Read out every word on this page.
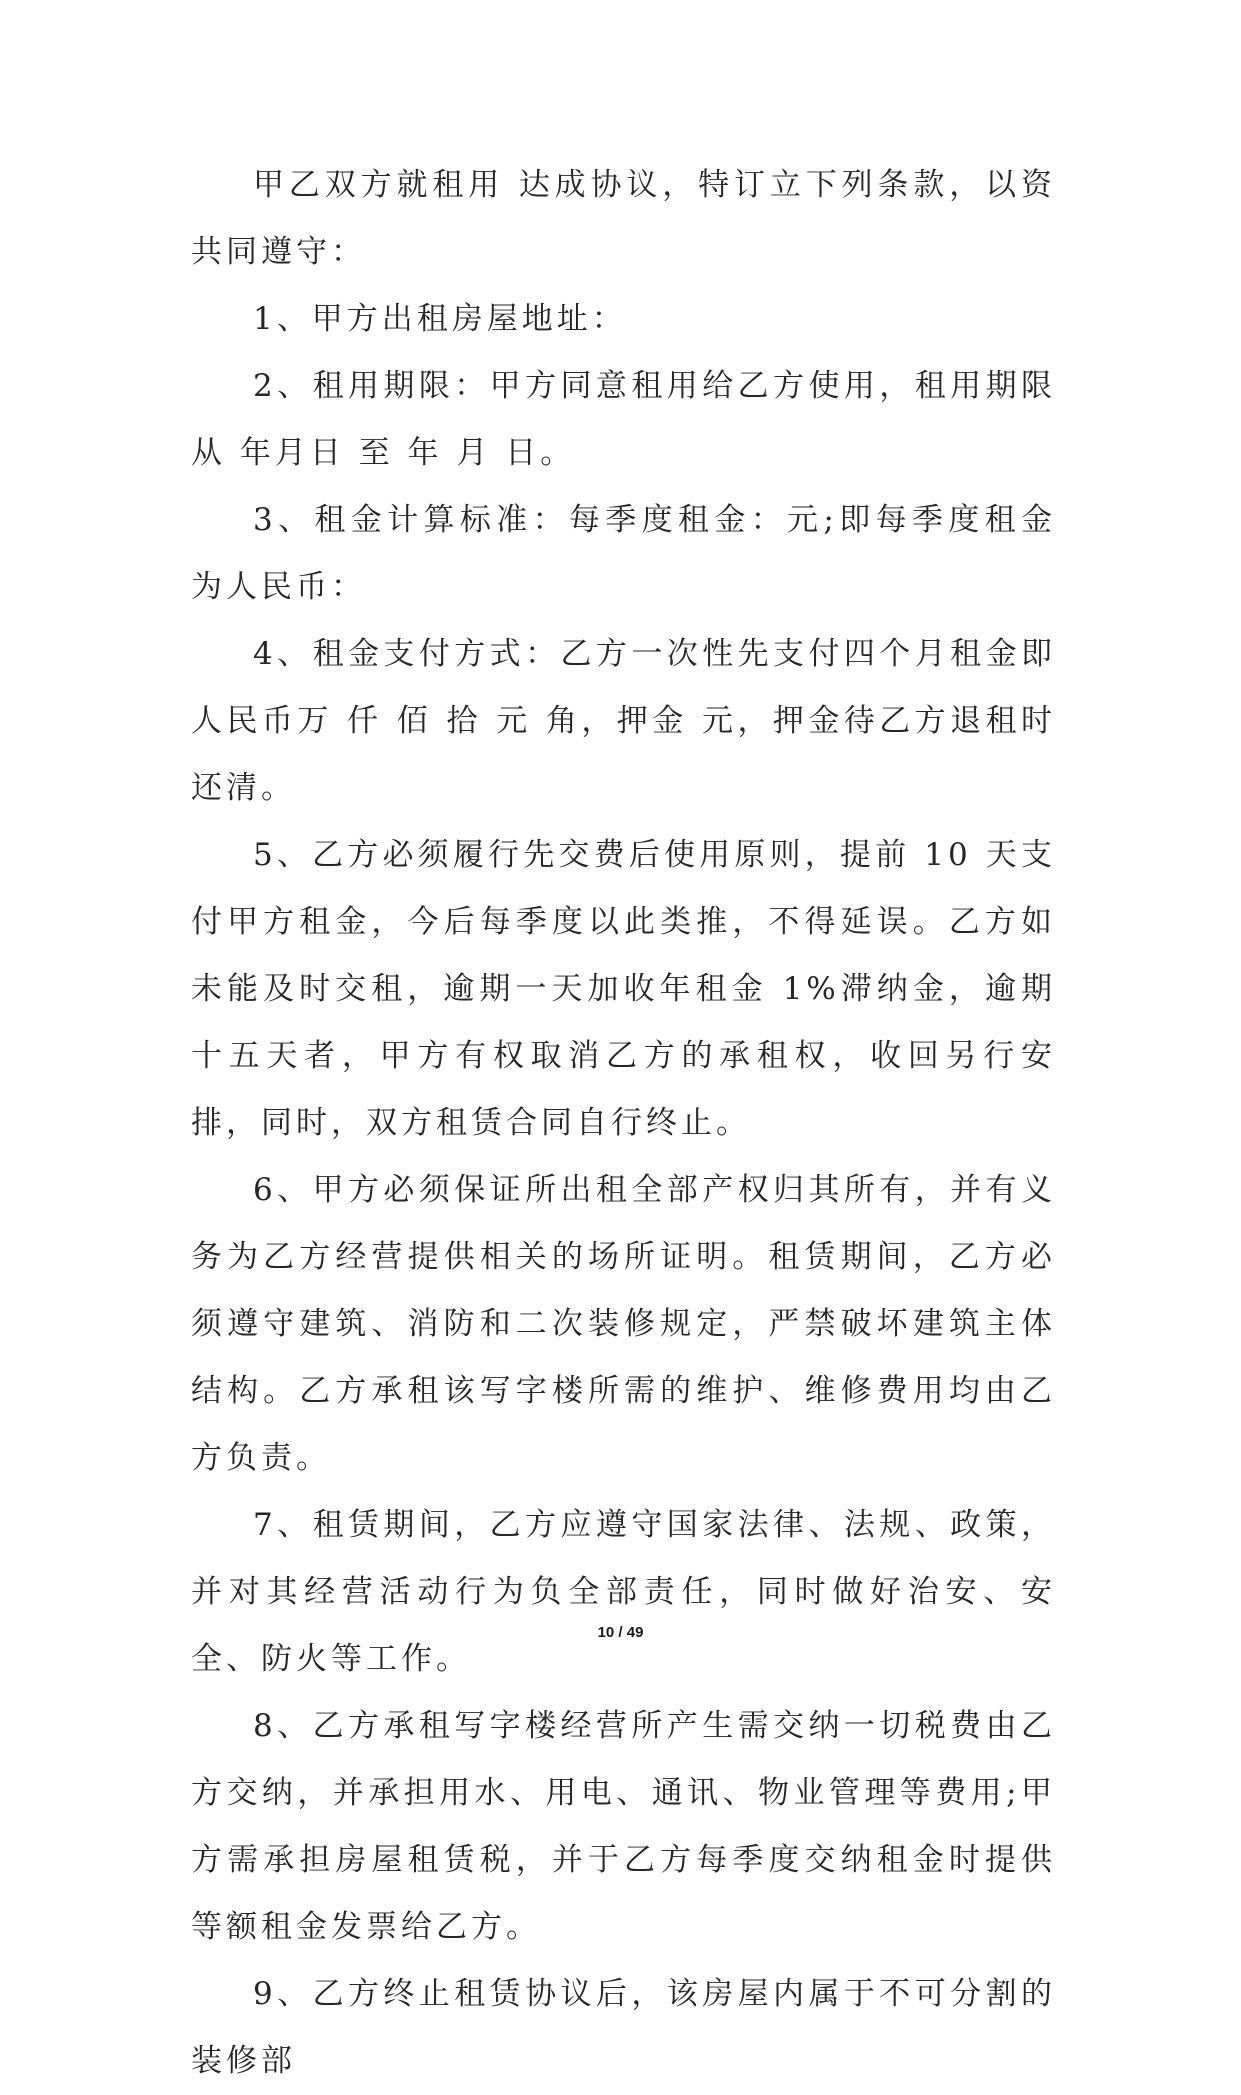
甲乙双方就租用 达成协议，特订立下列条款，以资共同遵守：

1、甲方出租房屋地址：

2、租用期限：甲方同意租用给乙方使用，租用期限从 年月日 至 年 月 日。

3、租金计算标准：每季度租金：元;即每季度租金为人民币：

4、租金支付方式：乙方一次性先支付四个月租金即人民币万 仟 佰 拾 元 角，押金 元，押金待乙方退租时还清。

5、乙方必须履行先交费后使用原则，提前 10 天支付甲方租金，今后每季度以此类推，不得延误。乙方如未能及时交租，逾期一天加收年租金 1%滞纳金，逾期十五天者，甲方有权取消乙方的承租权，收回另行安排，同时，双方租赁合同自行终止。

6、甲方必须保证所出租全部产权归其所有，并有义务为乙方经营提供相关的场所证明。租赁期间，乙方必须遵守建筑、消防和二次装修规定，严禁破坏建筑主体结构。乙方承租该写字楼所需的维护、维修费用均由乙方负责。

7、租赁期间，乙方应遵守国家法律、法规、政策，并对其经营活动行为负全部责任，同时做好治安、安全、防火等工作。

8、乙方承租写字楼经营所产生需交纳一切税费由乙方交纳，并承担用水、用电、通讯、物业管理等费用;甲方需承担房屋租赁税，并于乙方每季度交纳租金时提供等额租金发票给乙方。

9、乙方终止租赁协议后，该房屋内属于不可分割的装修部

10 / 49
